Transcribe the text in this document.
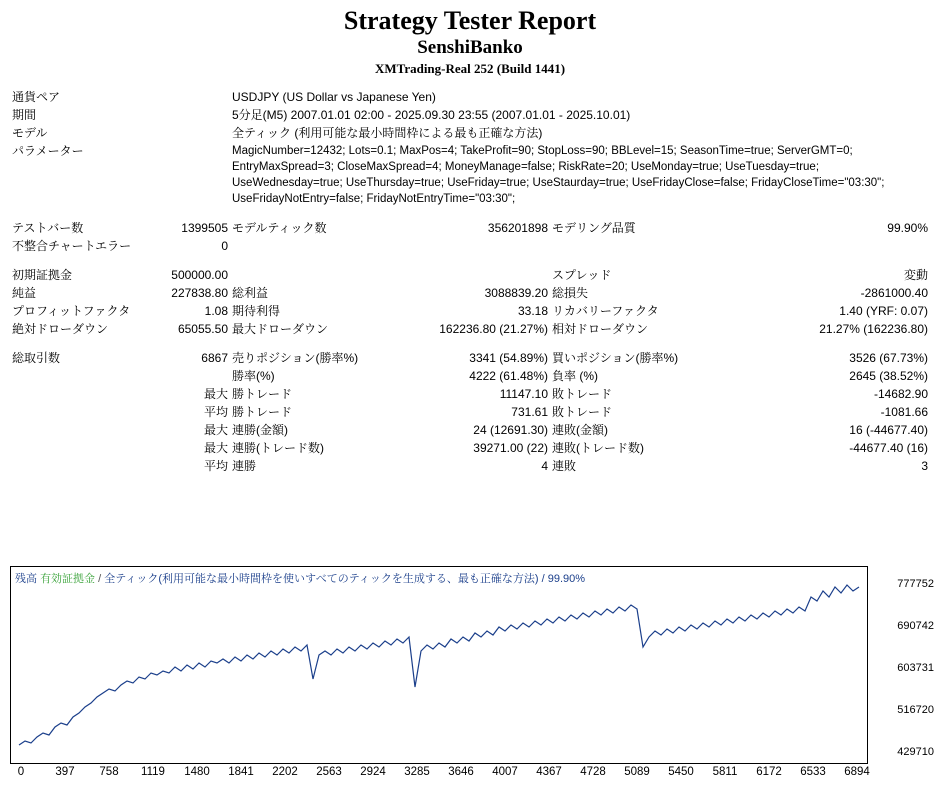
Strategy Tester Report
SenshiBanko
XMTrading-Real 252 (Build 1441)
通貨ペア		USDJPY (US Dollar vs Japanese Yen)			
期間		5分足(M5) 2007.01.01 02:00 - 2025.09.30 23:55 (2007.01.01 - 2025.10.01)			
モデル		全ティック (利用可能な最小時間枠による最も正確な方法)			
パラメーター		MagicNumber=12432; Lots=0.1; MaxPos=4; TakeProfit=90; StopLoss=90; BBLevel=15; SeasonTime=true; ServerGMT=0; EntryMaxSpread=3; CloseMaxSpread=4; MoneyManage=false; RiskRate=20; UseMonday=true; UseTuesday=true; UseWednesday=true; UseThursday=true; UseFriday=true; UseStaurday=true; UseFridayClose=false; FridayCloseTime="03:30"; UseFridayNotEntry=false; FridayNotEntryTime="03:30";			

テストバー数	1399505	モデルティック数	356201898	モデリング品質	99.90%
不整合チャートエラー	0				

初期証拠金	500000.00			スプレッド	変動
純益	227838.80	総利益	3088839.20	総損失	-2861000.40
プロフィットファクタ	1.08	期待利得	33.18	リカバリーファクタ	1.40 (YRF: 0.07)
絶対ドローダウン	65055.50	最大ドローダウン	162236.80 (21.27%)	相対ドローダウン	21.27% (162236.80)

総取引数	6867	売りポジション(勝率%)	3341 (54.89%)	買いポジション(勝率%)	3526 (67.73%)
		勝率(%)	4222 (61.48%)	負率 (%)	2645 (38.52%)
	最大	勝トレード	11147.10	敗トレード	-14682.90
	平均	勝トレード	731.61	敗トレード	-1081.66
	最大	連勝(金額)	24 (12691.30)	連敗(金額)	16 (-44677.40)
	最大	連勝(トレード数)	39271.00 (22)	連敗(トレード数)	-44677.40 (16)
	平均	連勝	4	連敗	3
残高 有効証拠金 / 全ティック(利用可能な最小時間枠を使いすべてのティックを生成する、最も正確な方法) / 99.90%	777752
690742
603731
516720
429710
0	397 758 1119 1480 1841 2202 2563 2924 3285 3646 4007 4367 4728 5089 5450 5811 6172 6533 6894
